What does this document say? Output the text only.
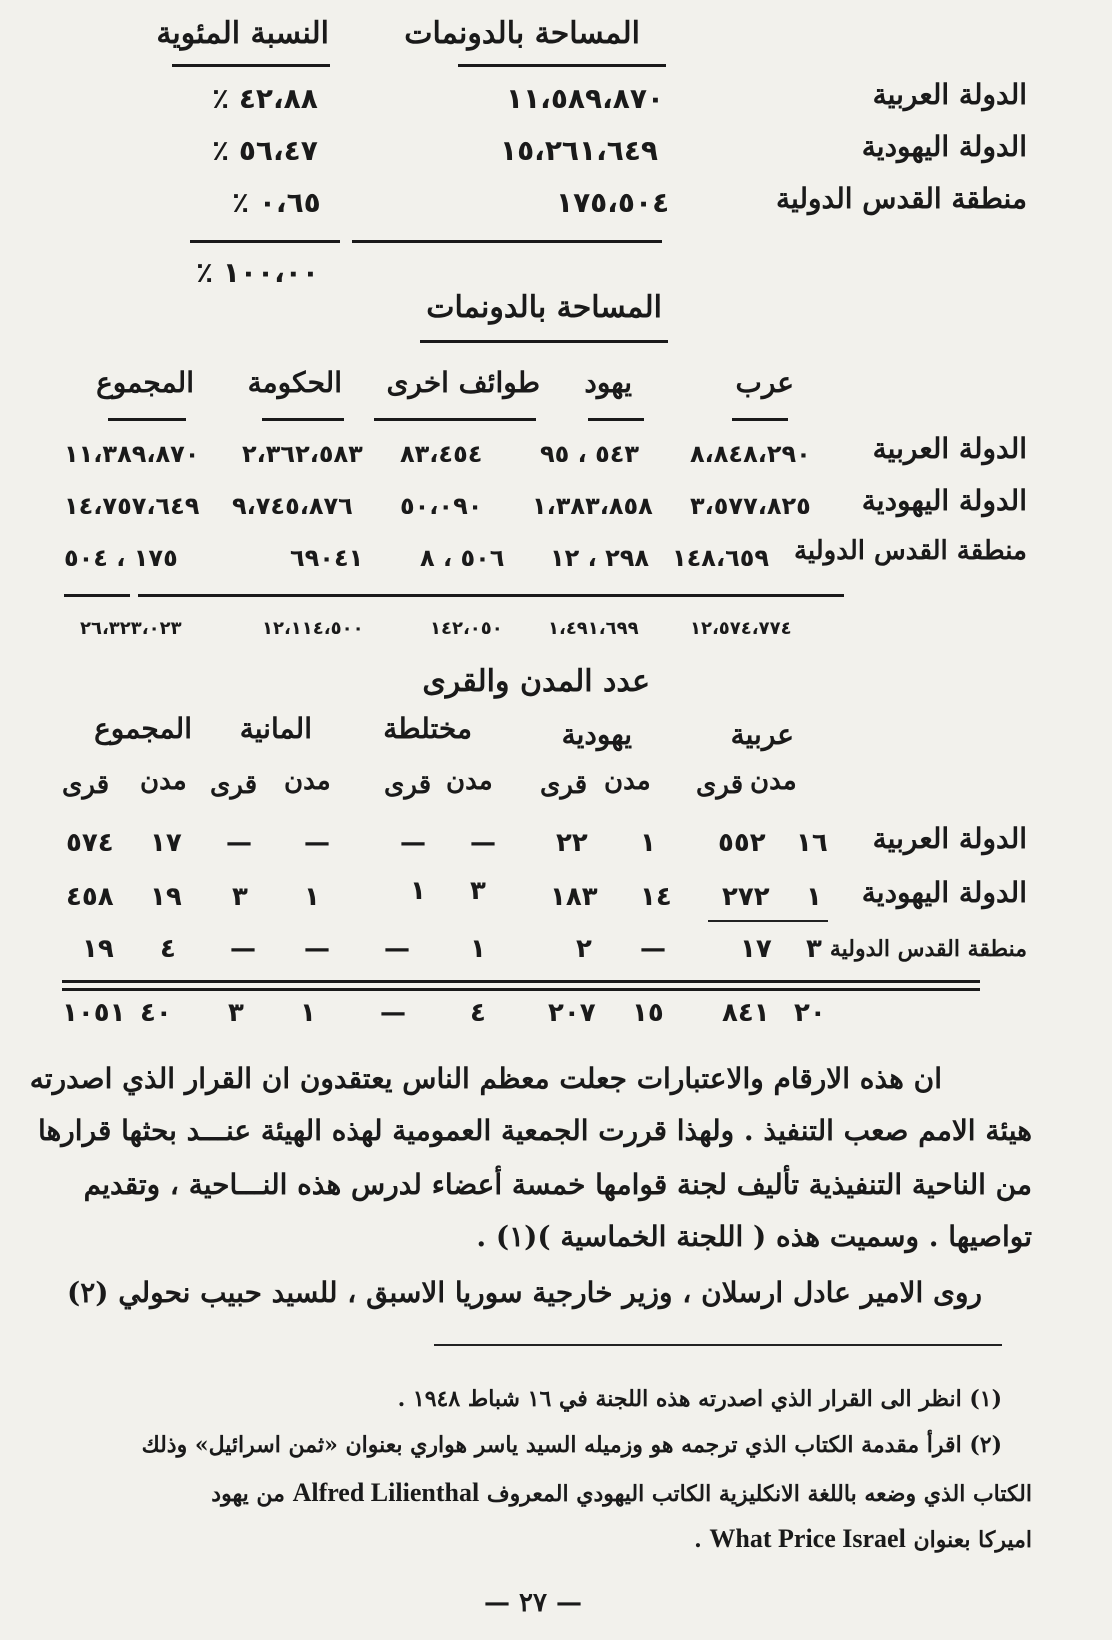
المساحة بالدونمات
النسبة المئوية
الدولة العربية
١١،٥٨٩،٨٧٠
٪ ٤٢،٨٨
الدولة اليهودية
١٥،٢٦١،٦٤٩
٪ ٥٦،٤٧
منطقة القدس الدولية
١٧٥،٥٠٤
٪ ٠،٦٥
٪ ١٠٠،٠٠
المساحة بالدونمات
عرب
يهود
طوائف اخرى
الحكومة
المجموع
الدولة العربية
٨،٨٤٨،٢٩٠
٥٤٣ ، ٩٥
٨٣،٤٥٤
٢،٣٦٢،٥٨٣
١١،٣٨٩،٨٧٠
الدولة اليهودية
٣،٥٧٧،٨٢٥
١،٣٨٣،٨٥٨
٥٠،٠٩٠
٩،٧٤٥،٨٧٦
١٤،٧٥٧،٦٤٩
منطقة القدس الدولية
١٤٨،٦٥٩
٢٩٨ ، ١٢
٥٠٦ ، ٨
٦٩٠٤١
١٧٥ ، ٥٠٤
١٢،٥٧٤،٧٧٤
١،٤٩١،٦٩٩
١٤٢،٠٥٠
١٢،١١٤،٥٠٠
٢٦،٣٢٣،٠٢٣
عدد المدن والقرى
عربية
يهودية
مختلطة
المانية
المجموع
مدن
قرى
مدن
قرى
مدن
قرى
مدن
قرى
مدن
قرى
الدولة العربية
١٦
٥٥٢
١
٢٢
—
—
—
—
١٧
٥٧٤
الدولة اليهودية
١
٢٧٢
١٤
١٨٣
٣
١
١
٣
١٩
٤٥٨
منطقة القدس الدولية
٣
١٧
—
٢
١
—
—
—
٤
١٩
٢٠
٨٤١
١٥
٢٠٧
٤
—
١
٣
٤٠
١٠٥١
ان هذه الارقام والاعتبارات جعلت معظم الناس يعتقدون ان القرار الذي اصدرته
هيئة الامم صعب التنفيذ . ولهذا قررت الجمعية العمومية لهذه الهيئة عنـــد بحثها قرارها
من الناحية التنفيذية تأليف لجنة قوامها خمسة أعضاء لدرس هذه النـــاحية ، وتقديم
تواصيها . وسميت هذه ( اللجنة الخماسية )(١) .
روى الامير عادل ارسلان ، وزير خارجية سوريا الاسبق ، للسيد حبيب نحولي (٢)
(١) انظر الى القرار الذي اصدرته هذه اللجنة في ١٦ شباط ١٩٤٨ .
(٢) اقرأ مقدمة الكتاب الذي ترجمه هو وزميله السيد ياسر هواري بعنوان «ثمن اسرائيل» وذلك
الكتاب الذي وضعه باللغة الانكليزية الكاتب اليهودي المعروف Alfred Lilienthal من يهود
اميركا بعنوان What Price Israel .
— ٢٧ —
